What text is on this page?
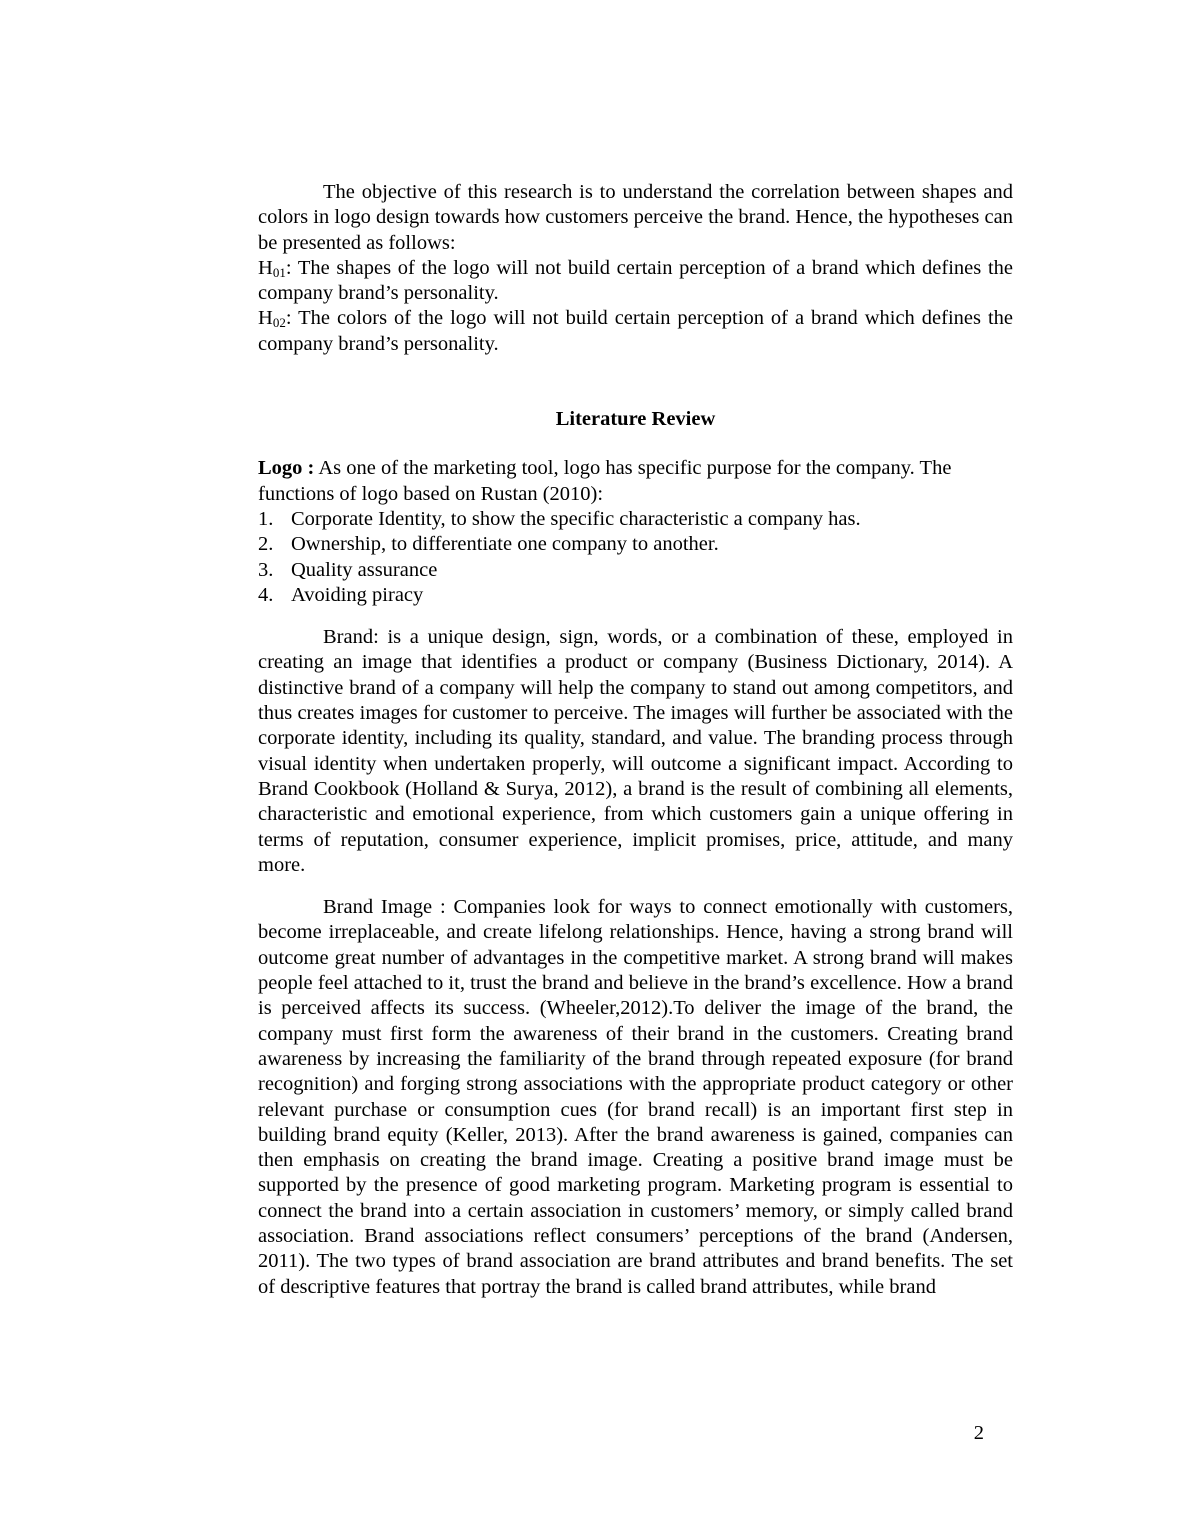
The objective of this research is to understand the correlation between shapes and colors in logo design towards how customers perceive the brand. Hence, the hypotheses can be presented as follows:

$H_{01}$: The shapes of the logo will not build certain perception of a brand which defines the company brand’s personality.

$H_{02}$: The colors of the logo will not build certain perception of a brand which defines the company brand’s personality.

Literature Review

Logo : As one of the marketing tool, logo has specific purpose for the company. The functions of logo based on Rustan (2010):

1. Corporate Identity, to show the specific characteristic a company has.
2. Ownership, to differentiate one company to another.
3. Quality assurance
4. Avoiding piracy

Brand: is a unique design, sign, words, or a combination of these, employed in creating an image that identifies a product or company (Business Dictionary, 2014). A distinctive brand of a company will help the company to stand out among competitors, and thus creates images for customer to perceive. The images will further be associated with the corporate identity, including its quality, standard, and value. The branding process through visual identity when undertaken properly, will outcome a significant impact. According to Brand Cookbook (Holland & Surya, 2012), a brand is the result of combining all elements, characteristic and emotional experience, from which customers gain a unique offering in terms of reputation, consumer experience, implicit promises, price, attitude, and many more.

Brand Image : Companies look for ways to connect emotionally with customers, become irreplaceable, and create lifelong relationships. Hence, having a strong brand will outcome great number of advantages in the competitive market. A strong brand will makes people feel attached to it, trust the brand and believe in the brand’s excellence. How a brand is perceived affects its success. (Wheeler,2012).To deliver the image of the brand, the company must first form the awareness of their brand in the customers. Creating brand awareness by increasing the familiarity of the brand through repeated exposure (for brand recognition) and forging strong associations with the appropriate product category or other relevant purchase or consumption cues (for brand recall) is an important first step in building brand equity (Keller, 2013). After the brand awareness is gained, companies can then emphasis on creating the brand image. Creating a positive brand image must be supported by the presence of good marketing program. Marketing program is essential to connect the brand into a certain association in customers’ memory, or simply called brand association. Brand associations reflect consumers’ perceptions of the brand (Andersen, 2011). The two types of brand association are brand attributes and brand benefits. The set of descriptive features that portray the brand is called brand attributes, while brand

2
